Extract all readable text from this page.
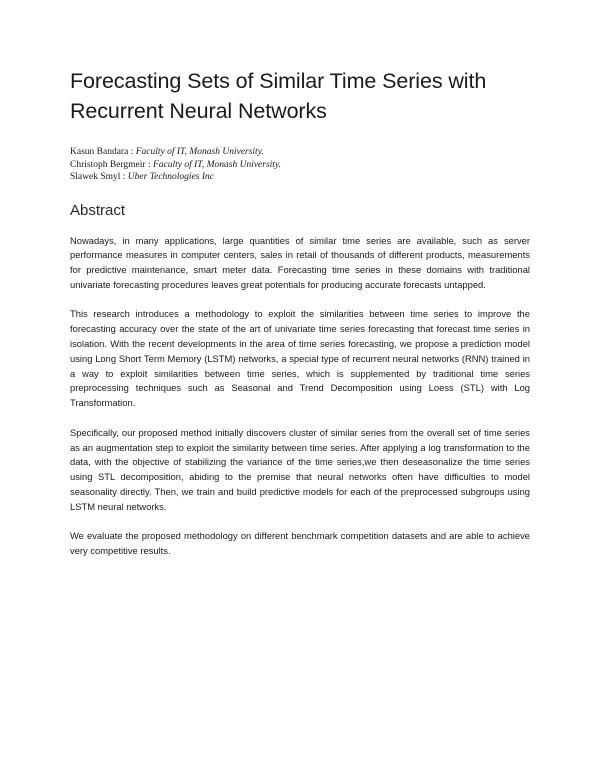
Forecasting Sets of Similar Time Series with Recurrent Neural Networks
Kasun Bandara : Faculty of IT, Monash University.
Christoph Bergmeir : Faculty of IT, Monash University.
Slawek Smyl : Uber Technologies Inc
Abstract

Nowadays, in many applications, large quantities of similar time series are available, such as server performance measures in computer centers, sales in retail of thousands of different products, measurements for predictive maintenance, smart meter data. Forecasting time series in these domains with traditional univariate forecasting procedures leaves great potentials for producing accurate forecasts untapped.

This research introduces a methodology to exploit the similarities between time series to improve the forecasting accuracy over the state of the art of univariate time series forecasting that forecast time series in isolation. With the recent developments in the area of time series forecasting, we propose a prediction model using Long Short Term Memory (LSTM) networks, a special type of recurrent neural networks (RNN) trained in a way to exploit similarities between time series, which is supplemented by traditional time series preprocessing techniques such as Seasonal and Trend Decomposition using Loess (STL) with Log Transformation.

Specifically, our proposed method initially discovers cluster of similar series from the overall set of time series as an augmentation step to exploit the similarity between time series. After applying a log transformation to the data, with the objective of stabilizing the variance of the time series,we then deseasonalize the time series using STL decomposition, abiding to the premise that neural networks often have difficulties to model seasonality directly. Then, we train and build predictive models for each of the preprocessed subgroups using LSTM neural networks.

We evaluate the proposed methodology on different benchmark competition datasets and are able to achieve very competitive results.
